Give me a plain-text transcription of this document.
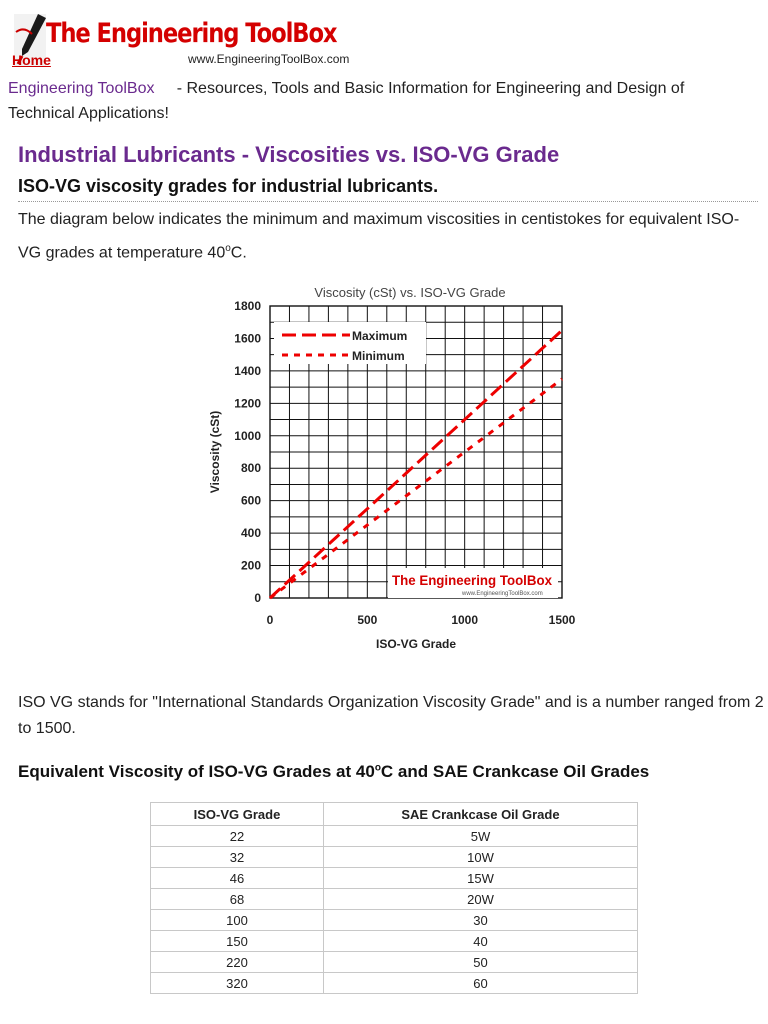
The Engineering ToolBox
Home	www.EngineeringToolBox.com
Engineering ToolBox - Resources, Tools and Basic Information for Engineering and Design of Technical Applications!
Industrial Lubricants - Viscosities vs. ISO-VG Grade
ISO-VG viscosity grades for industrial lubricants.

The diagram below indicates the minimum and maximum viscosities in centistokes for equivalent ISO-VG grades at temperature 40$^o$C.

Viscosity (cSt) vs. ISO-VG Grade
0
200
400
600
800
1000
1200
1400
1600
1800
0	500	1000	1500
Maximum
Minimum
The Engineering ToolBox
www.EngineeringToolBox.com
ISO-VG Grade
Viscosity (cSt)

ISO VG stands for "International Standards Organization Viscosity Grade" and is a number ranged from 2 to 1500.

Equivalent Viscosity of ISO-VG Grades at 40$^o$C and SAE Crankcase Oil Grades
ISO-VG Grade	SAE Crankcase Oil Grade
22	5W
32	10W
46	15W
68	20W
100	30
150	40
220	50
320	60
